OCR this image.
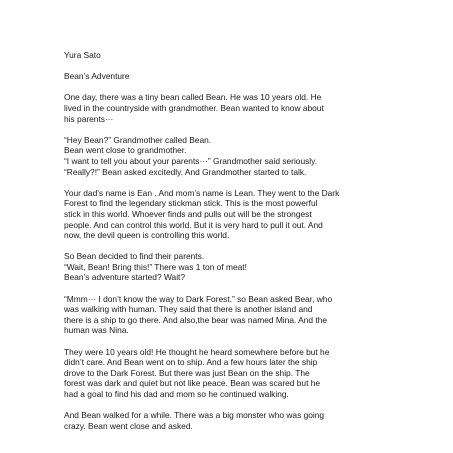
Yura Sato

Bean’s Adventure

One day, there was a tiny bean called Bean. He was 10 years old. He
lived in the countryside with grandmother. Bean wanted to know about
his parents···

“Hey Bean?” Grandmother called Bean.
Bean went close to grandmother.
“I want to tell you about your parents···” Grandmother said seriously.
“Really?!” Bean asked excitedly. And Grandmother started to talk.

Your dad’s name is Ean . And mom’s name is Lean. They went to the Dark
Forest to find the legendary stickman stick. This is the most powerful
stick in this world. Whoever finds and pulls out will be the strongest
people. And can control this world. But it is very hard to pull it out. And
now, the devil queen is controlling this world.

So Bean decided to find their parents.
“Wait, Bean! Bring this!” There was 1 ton of meat!
Bean’s adventure started? Wait?

“Mmm··· I don’t know the way to Dark Forest.” so Bean asked Bear, who
was walking with human. They said that there is another island and
there is a ship to go there. And also,the bear was named Mina. And the
human was Nina.

They were 10 years old! He thought he heard somewhere before but he
didn’t care. And Bean went on to ship. And a few hours later the ship
drove to the Dark Forest. But there was just Bean on the ship. The
forest was dark and quiet but not like peace. Bean was scared but he
had a goal to find his dad and mom so he continued walking.

And Bean walked for a while. There was a big monster who was going
crazy. Bean went close and asked.
